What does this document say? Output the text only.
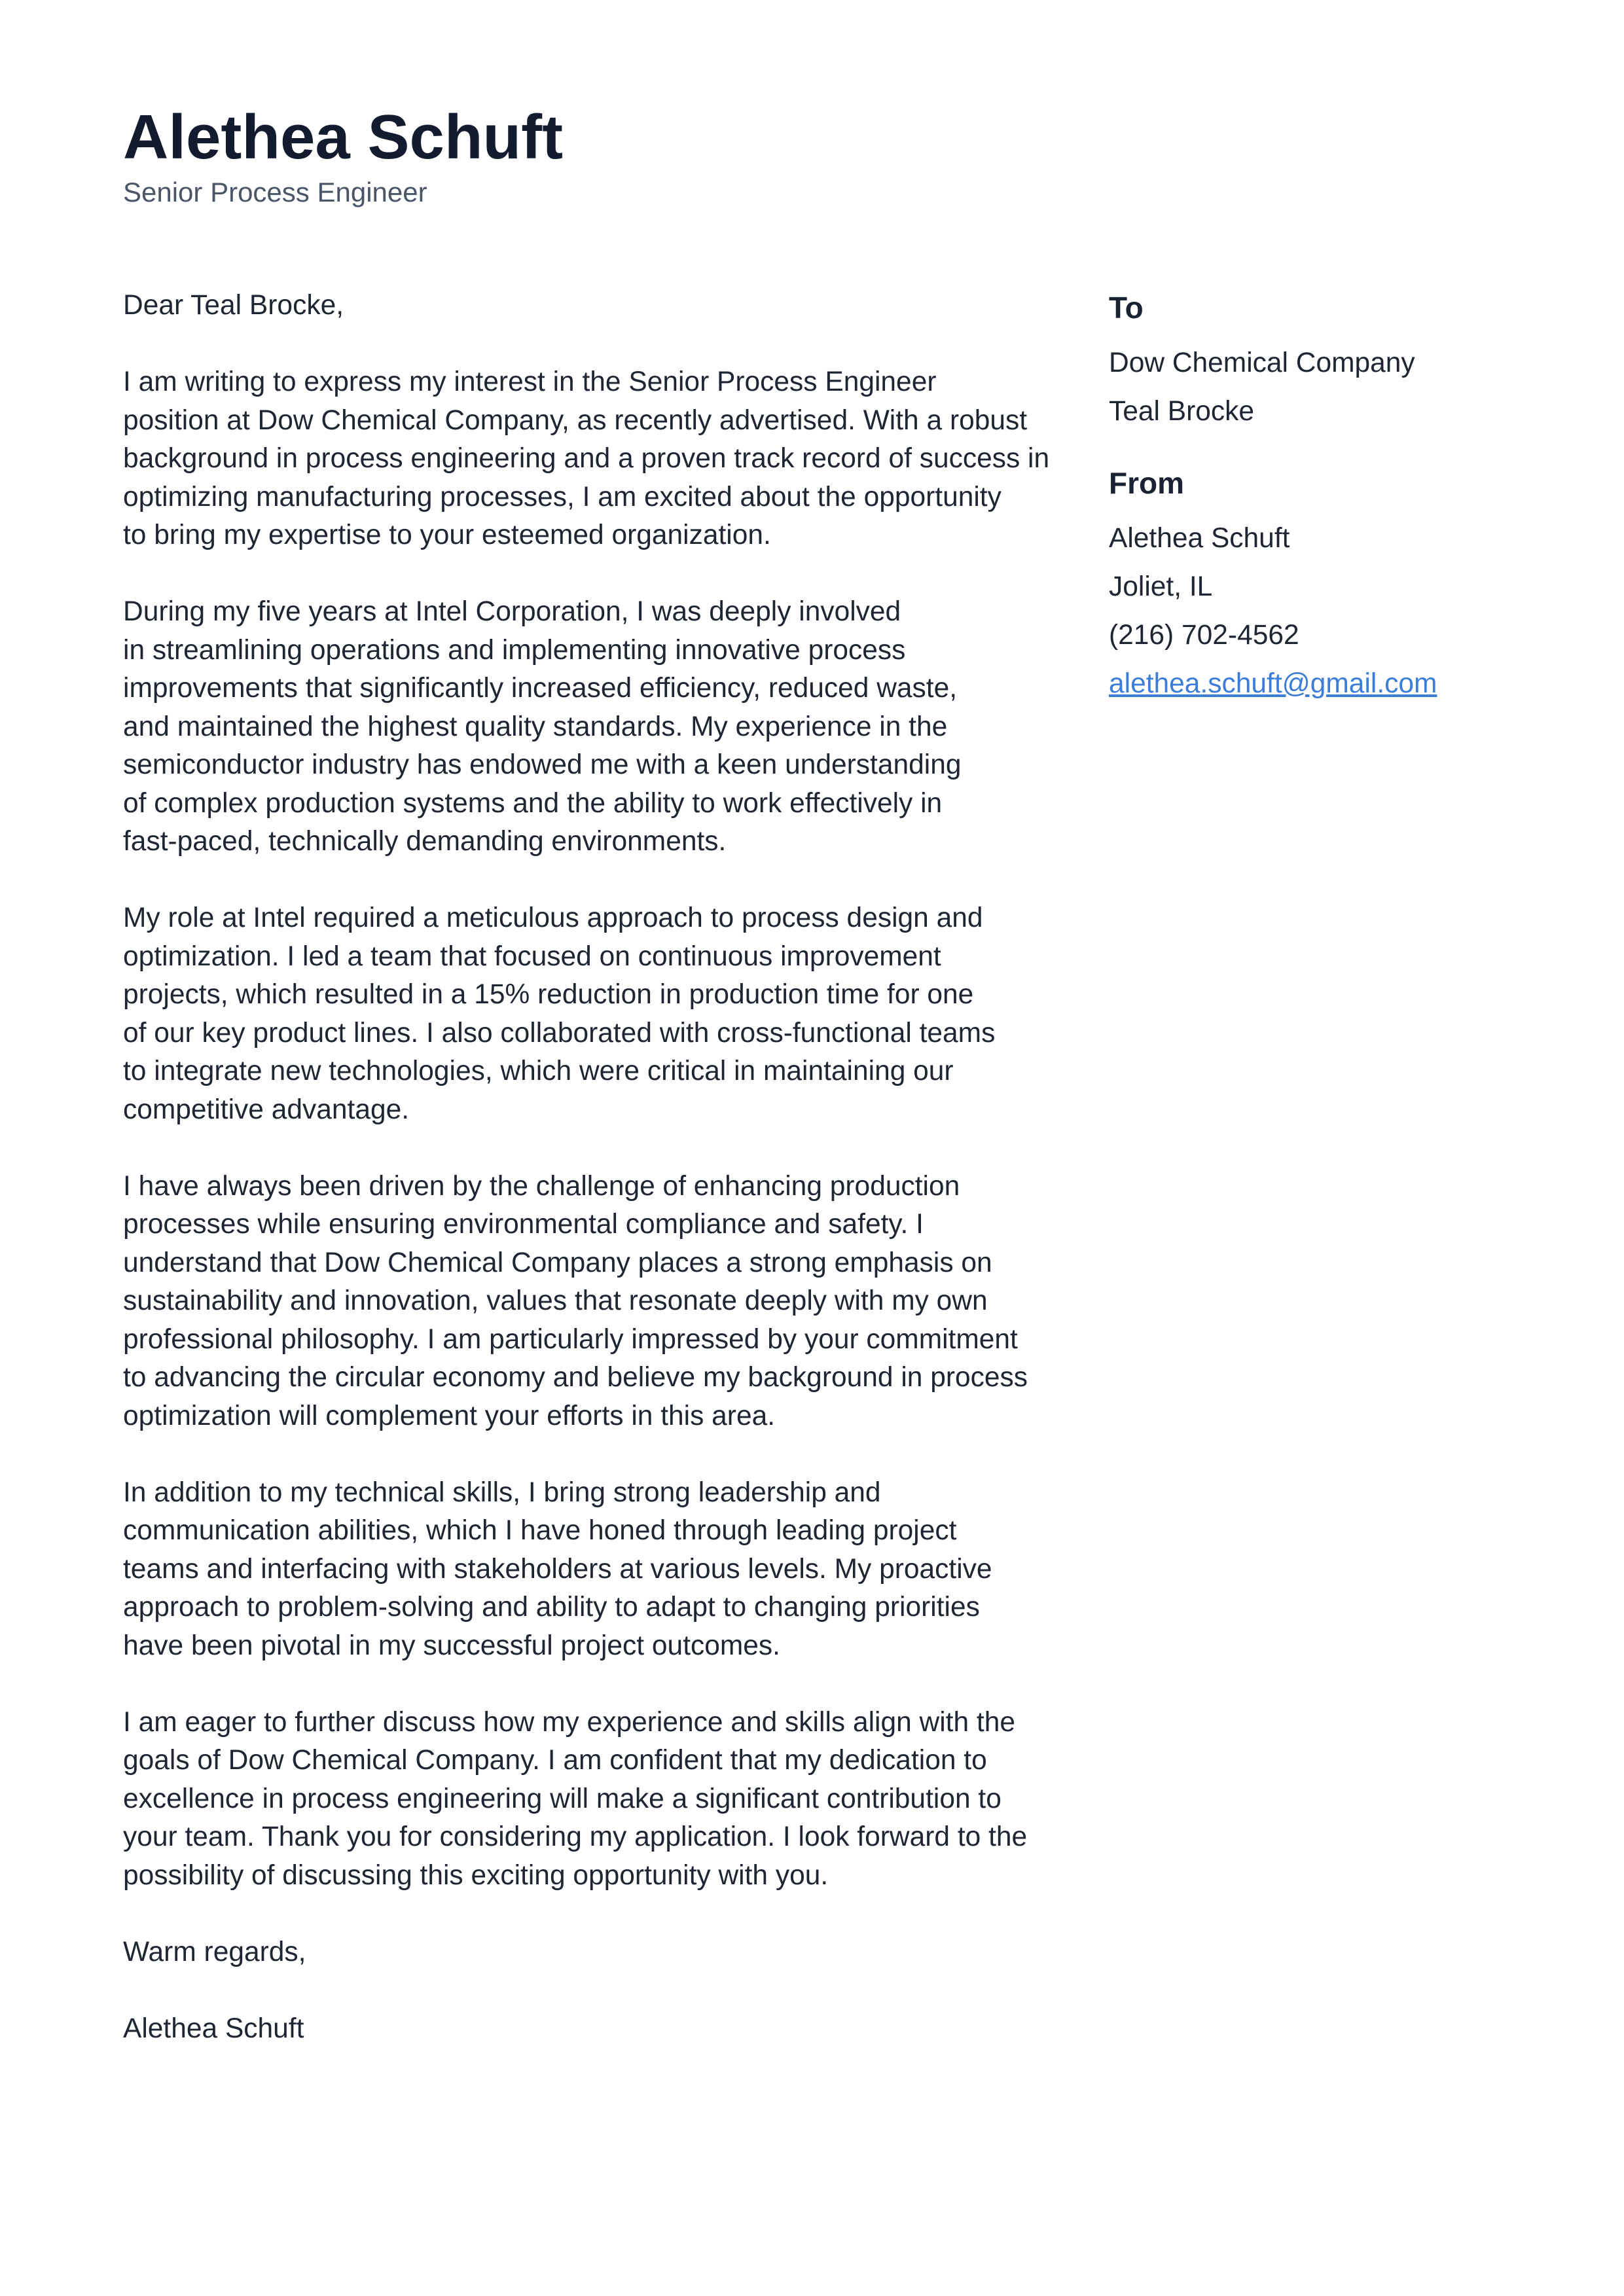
Alethea Schuft
Senior Process Engineer

Dear Teal Brocke,

I am writing to express my interest in the Senior Process Engineer
position at Dow Chemical Company, as recently advertised. With a robust
background in process engineering and a proven track record of success in
optimizing manufacturing processes, I am excited about the opportunity
to bring my expertise to your esteemed organization.

During my five years at Intel Corporation, I was deeply involved
in streamlining operations and implementing innovative process
improvements that significantly increased efficiency, reduced waste,
and maintained the highest quality standards. My experience in the
semiconductor industry has endowed me with a keen understanding
of complex production systems and the ability to work effectively in
fast-paced, technically demanding environments.

My role at Intel required a meticulous approach to process design and
optimization. I led a team that focused on continuous improvement
projects, which resulted in a 15% reduction in production time for one
of our key product lines. I also collaborated with cross-functional teams
to integrate new technologies, which were critical in maintaining our
competitive advantage.

I have always been driven by the challenge of enhancing production
processes while ensuring environmental compliance and safety. I
understand that Dow Chemical Company places a strong emphasis on
sustainability and innovation, values that resonate deeply with my own
professional philosophy. I am particularly impressed by your commitment
to advancing the circular economy and believe my background in process
optimization will complement your efforts in this area.

In addition to my technical skills, I bring strong leadership and
communication abilities, which I have honed through leading project
teams and interfacing with stakeholders at various levels. My proactive
approach to problem-solving and ability to adapt to changing priorities
have been pivotal in my successful project outcomes.

I am eager to further discuss how my experience and skills align with the
goals of Dow Chemical Company. I am confident that my dedication to
excellence in process engineering will make a significant contribution to
your team. Thank you for considering my application. I look forward to the
possibility of discussing this exciting opportunity with you.

Warm regards,

Alethea Schuft

To
Dow Chemical Company
Teal Brocke
From
Alethea Schuft
Joliet, IL
(216) 702-4562
alethea.schuft@gmail.com
